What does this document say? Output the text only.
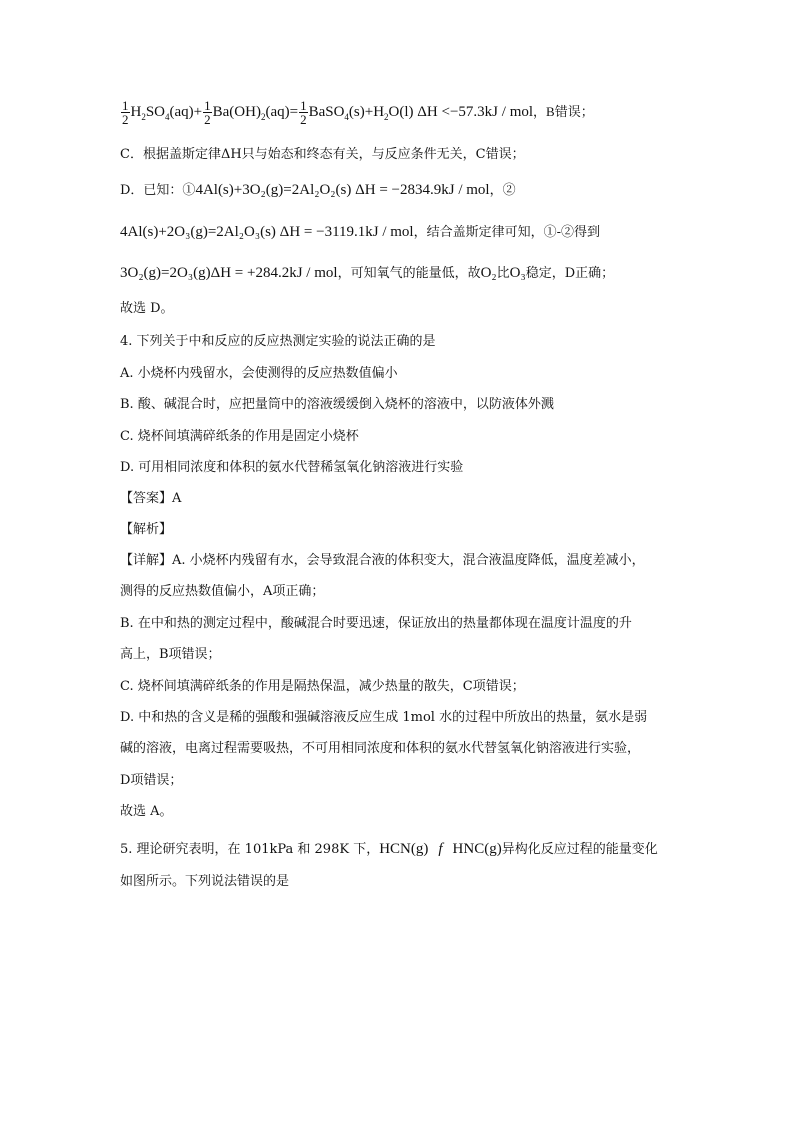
$\frac{1}{2} H_2SO_4(aq)+ \frac{1}{2} Ba(OH)_2(aq)= \frac{1}{2}$ $BaSO_4(s)+H_2O(l)$ ΔH <−57.3kJ / mol，B错误；
C．根据盖斯定律ΔH只与始态和终态有关，与反应条件无关，C错误；
D．已知：①4Al(s)+3O₂(g)=2Al₂O₂(s) ΔH = −2834.9kJ / mol，②
4Al(s)+2O₃(g)=2Al₂O₃(s) ΔH = −3119.1kJ / mol，结合盖斯定律可知，①-②得到
3O₂(g)=2O₃(g)ΔH = +284.2kJ / mol，可知氧气的能量低，故O₂比O₃稳定，D正确；
故选 D。
4. 下列关于中和反应的反应热测定实验的说法正确的是
A. 小烧杯内残留水，会使测得的反应热数值偏小
B. 酸、碱混合时，应把量筒中的溶液缓缓倒入烧杯的溶液中，以防液体外溅
C. 烧杯间填满碎纸条的作用是固定小烧杯
D. 可用相同浓度和体积的氨水代替稀氢氧化钠溶液进行实验
【答案】A
【解析】
【详解】A. 小烧杯内残留有水，会导致混合液的体积变大，混合液温度降低，温度差减小，
测得的反应热数值偏小，A项正确；
B. 在中和热的测定过程中，酸碱混合时要迅速，保证放出的热量都体现在温度计温度的升
高上，B项错误；
C. 烧杯间填满碎纸条的作用是隔热保温，减少热量的散失，C项错误；
D. 中和热的含义是稀的强酸和强碱溶液反应生成 1mol 水的过程中所放出的热量，氨水是弱
碱的溶液，电离过程需要吸热，不可用相同浓度和体积的氨水代替氢氧化钠溶液进行实验，
D项错误；
故选 A。
5. 理论研究表明，在 101kPa 和 298K 下，HCN(g) f HNC(g)异构化反应过程的能量变化
如图所示。下列说法错误的是
